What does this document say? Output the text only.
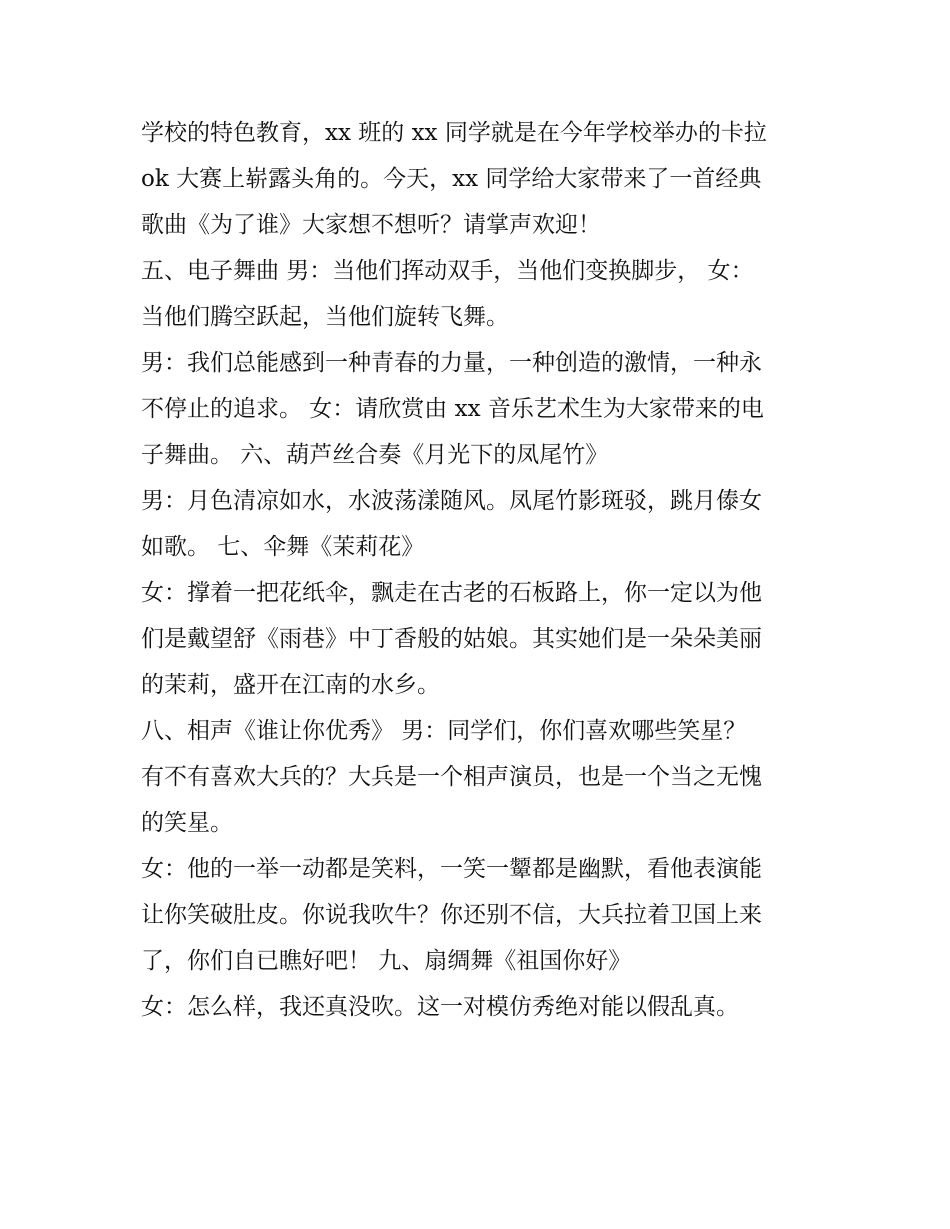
学校的特色教育，xx 班的 xx 同学就是在今年学校举办的卡拉
ok 大赛上崭露头角的。今天，xx 同学给大家带来了一首经典
歌曲《为了谁》大家想不想听？请掌声欢迎！
五、电子舞曲 男：当他们挥动双手，当他们变换脚步， 女：
当他们腾空跃起，当他们旋转飞舞。
男：我们总能感到一种青春的力量，一种创造的激情，一种永
不停止的追求。 女：请欣赏由 xx 音乐艺术生为大家带来的电
子舞曲。 六、葫芦丝合奏《月光下的凤尾竹》
男：月色清凉如水，水波荡漾随风。凤尾竹影斑驳，跳月傣女
如歌。 七、伞舞《茉莉花》
女：撑着一把花纸伞，飘走在古老的石板路上，你一定以为他
们是戴望舒《雨巷》中丁香般的姑娘。其实她们是一朵朵美丽
的茉莉，盛开在江南的水乡。
八、相声《谁让你优秀》 男：同学们，你们喜欢哪些笑星？
有不有喜欢大兵的？大兵是一个相声演员，也是一个当之无愧
的笑星。
女：他的一举一动都是笑料，一笑一颦都是幽默，看他表演能
让你笑破肚皮。你说我吹牛？你还别不信，大兵拉着卫国上来
了，你们自已瞧好吧！ 九、扇绸舞《祖国你好》
女：怎么样，我还真没吹。这一对模仿秀绝对能以假乱真。
